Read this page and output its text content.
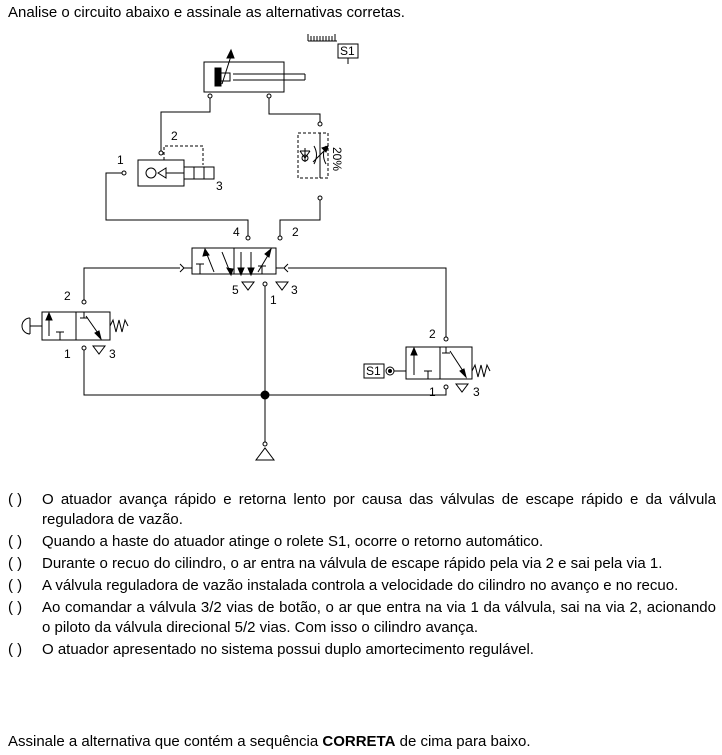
Analise o circuito abaixo e assinale as alternativas corretas.
S1
2
1
3
20%
4	2
5	3
1
2
1	3
S1
2
1	3
( )	O atuador avança rápido e retorna lento por causa das válvulas de escape rápido e da válvula reguladora de vazão.
( )	Quando a haste do atuador atinge o rolete S1, ocorre o retorno automático.
( )	Durante o recuo do cilindro, o ar entra na válvula de escape rápido pela via 2 e sai pela via 1.
( )	A válvula reguladora de vazão instalada controla a velocidade do cilindro no avanço e no recuo.
( )	Ao comandar a válvula 3/2 vias de botão, o ar que entra na via 1 da válvula, sai na via 2, acionando o piloto da válvula direcional 5/2 vias. Com isso o cilindro avança.
( )	O atuador apresentado no sistema possui duplo amortecimento regulável.
Assinale a alternativa que contém a sequência CORRETA de cima para baixo.
